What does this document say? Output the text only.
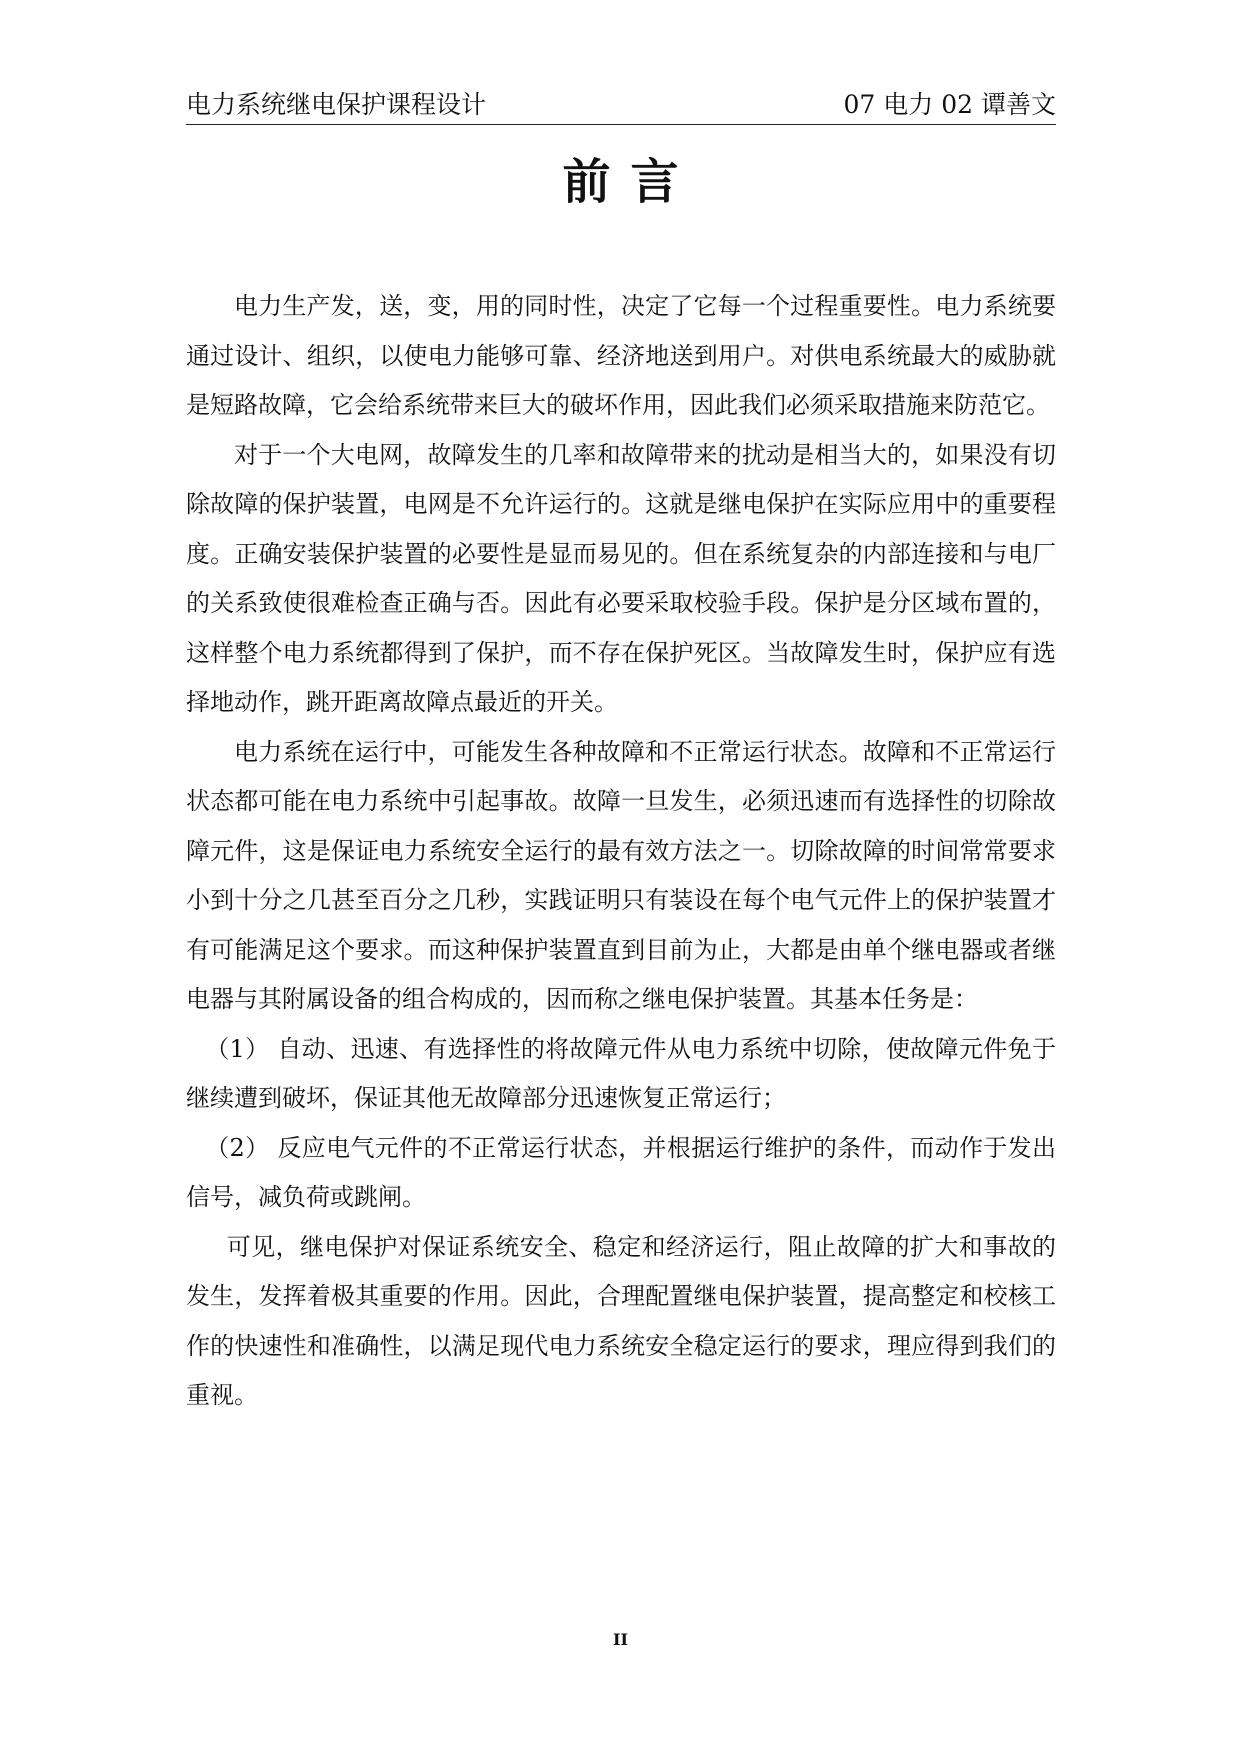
电力系统继电保护课程设计	07 电力 02 谭善文
前言

电力生产发，送，变，用的同时性，决定了它每一个过程重要性。电力系统要通过设计、组织，以使电力能够可靠、经济地送到用户。对供电系统最大的威胁就是短路故障，它会给系统带来巨大的破坏作用，因此我们必须采取措施来防范它。

对于一个大电网，故障发生的几率和故障带来的扰动是相当大的，如果没有切除故障的保护装置，电网是不允许运行的。这就是继电保护在实际应用中的重要程度。正确安装保护装置的必要性是显而易见的。但在系统复杂的内部连接和与电厂的关系致使很难检查正确与否。因此有必要采取校验手段。保护是分区域布置的，这样整个电力系统都得到了保护，而不存在保护死区。当故障发生时，保护应有选择地动作，跳开距离故障点最近的开关。

电力系统在运行中，可能发生各种故障和不正常运行状态。故障和不正常运行状态都可能在电力系统中引起事故。故障一旦发生，必须迅速而有选择性的切除故障元件，这是保证电力系统安全运行的最有效方法之一。切除故障的时间常常要求小到十分之几甚至百分之几秒，实践证明只有装设在每个电气元件上的保护装置才有可能满足这个要求。而这种保护装置直到目前为止，大都是由单个继电器或者继电器与其附属设备的组合构成的，因而称之继电保护装置。其基本任务是：

（1） 自动、迅速、有选择性的将故障元件从电力系统中切除，使故障元件免于继续遭到破坏，保证其他无故障部分迅速恢复正常运行；

（2） 反应电气元件的不正常运行状态，并根据运行维护的条件，而动作于发出信号，减负荷或跳闸。

可见，继电保护对保证系统安全、稳定和经济运行，阻止故障的扩大和事故的发生，发挥着极其重要的作用。因此，合理配置继电保护装置，提高整定和校核工作的快速性和准确性，以满足现代电力系统安全稳定运行的要求，理应得到我们的重视。

II
